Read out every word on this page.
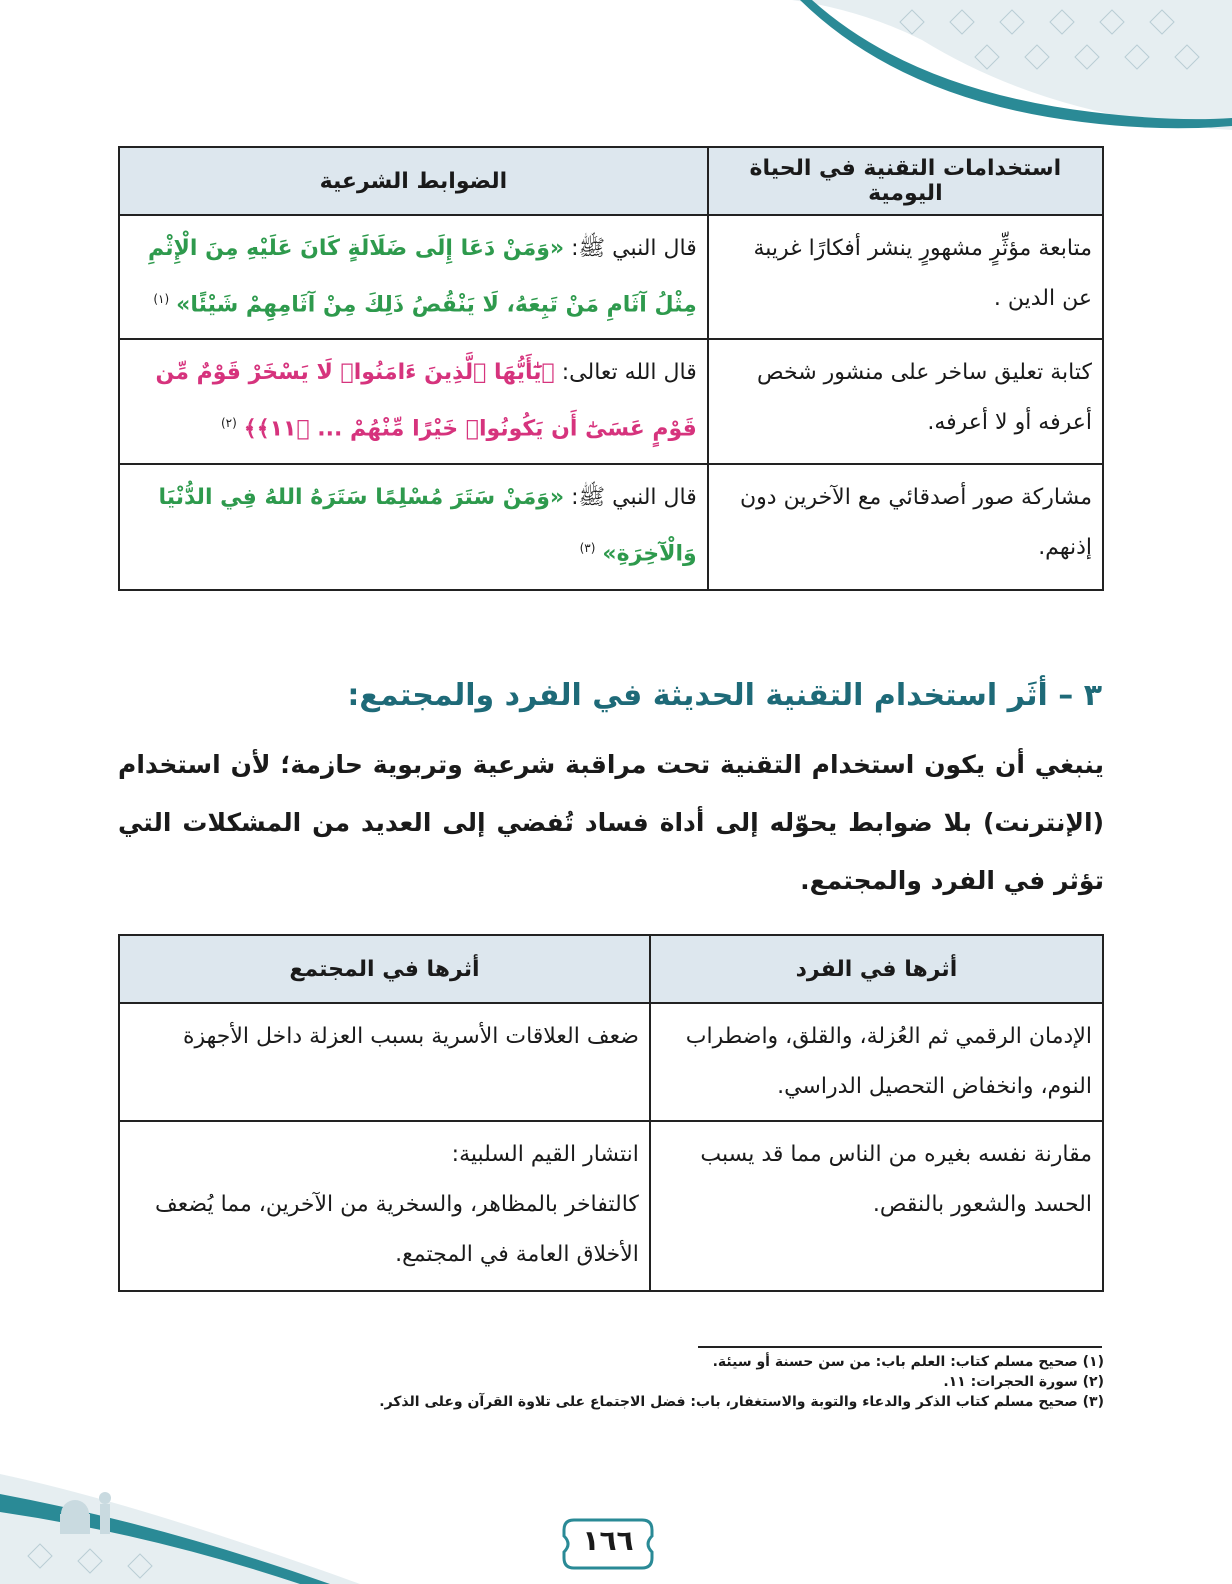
استخدامات التقنية في الحياة اليومية	الضوابط الشرعية
متابعة مؤثِّرٍ مشهورٍ ينشر أفكارًا غريبة عن الدين .	قال النبي ﷺ: «وَمَنْ دَعَا إِلَى ضَلَالَةٍ كَانَ عَلَيْهِ مِنَ الْإِثْمِ مِثْلُ آثَامِ مَنْ تَبِعَهُ، لَا يَنْقُصُ ذَلِكَ مِنْ آثَامِهِمْ شَيْئًا» $^{(١)}$
كتابة تعليق ساخر على منشور شخص أعرفه أو لا أعرفه.	قال الله تعالى: ﴿يَٰٓأَيُّهَا ٱلَّذِينَ ءَامَنُوا۟ لَا يَسْخَرْ قَوْمٌ مِّن قَوْمٍ عَسَىٰٓ أَن يَكُونُوا۟ خَيْرًا مِّنْهُمْ ... ﴿١١﴾﴾ $^{(٢)}$
مشاركة صور أصدقائي مع الآخرين دون إذنهم.	قال النبي ﷺ: «وَمَنْ سَتَرَ مُسْلِمًا سَتَرَهُ اللهُ فِي الدُّنْيَا وَالْآخِرَةِ» $^{(٣)}$
٣ – أثَر استخدام التقنية الحديثة في الفرد والمجتمع:
ينبغي أن يكون استخدام التقنية تحت مراقبة شرعية وتربوية حازمة؛ لأن استخدام (الإنترنت) بلا ضوابط يحوّله إلى أداة فساد تُفضي إلى العديد من المشكلات التي تؤثر في الفرد والمجتمع.
أثرها في الفرد	أثرها في المجتمع
الإدمان الرقمي ثم العُزلة، والقلق، واضطراب النوم، وانخفاض التحصيل الدراسي.	ضعف العلاقات الأسرية بسبب العزلة داخل الأجهزة
مقارنة نفسه بغيره من الناس مما قد يسبب الحسد والشعور بالنقص.	انتشار القيم السلبية:
كالتفاخر بالمظاهر، والسخرية من الآخرين، مما يُضعف الأخلاق العامة في المجتمع.
(١) صحيح مسلم كتاب: العلم باب: من سن حسنة أو سيئة.
(٢) سورة الحجرات: ١١.
(٣) صحيح مسلم كتاب الذكر والدعاء والتوبة والاستغفار، باب: فضل الاجتماع على تلاوة القرآن وعلى الذكر.
١٦٦
